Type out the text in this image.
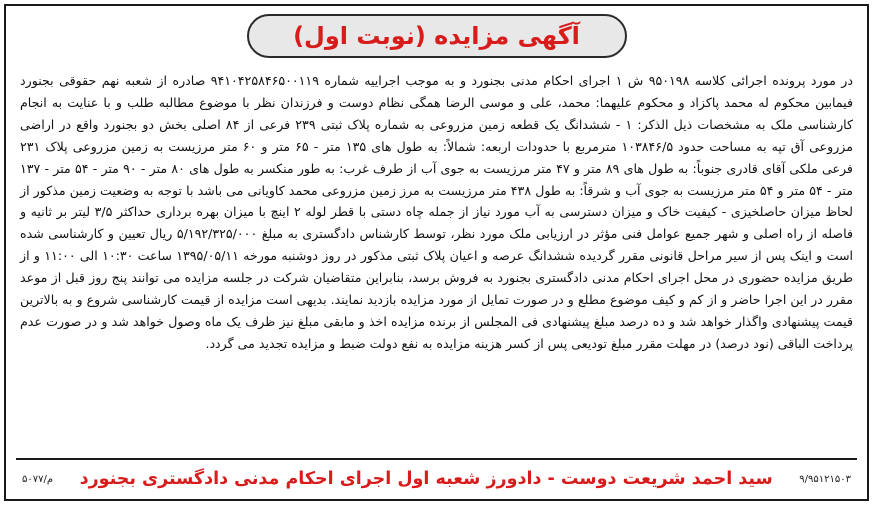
آگهی مزایده (نوبت اول)
در مورد پرونده اجرائی کلاسه ۹۵۰۱۹۸ ش ۱ اجرای احکام مدنی بجنورد و به موجب اجراییه شماره ۹۴۱۰۴۲۵۸۴۶۵۰۰۱۱۹ صادره از شعبه نهم حقوقی بجنورد فیمابین محکوم له محمد پاکزاد و محکوم علیهما: محمد، علی و موسی الرضا همگی نظام دوست و فرزندان نظر با موضوع مطالبه طلب و با عنایت به انجام کارشناسی ملک به مشخصات ذیل الذکر: ۱ - ششدانگ یک قطعه زمین مزروعی به شماره پلاک ثبتی ۲۳۹ فرعی از ۸۴ اصلی بخش دو بجنورد واقع در اراضی مزروعی آق تپه به مساحت حدود ۱۰۳۸۴۶/۵ مترمربع با حدودات اربعه: شمالاً: به طول های ۱۳۵ متر - ۶۵ متر و ۶۰ متر مرزیست به زمین مزروعی پلاک ۲۳۱ فرعی ملکی آقای قادری جنوباً: به طول های ۸۹ متر و ۴۷ متر مرزیست به جوی آب از طرف غرب: به طور منکسر به طول های ۸۰ متر - ۹۰ متر - ۵۴ متر - ۱۳۷ متر - ۵۴ متر و ۵۴ متر مرزیست به جوی آب و شرقاً: به طول ۴۳۸ متر مرزیست به مرز زمین مزروعی محمد کاویانی می باشد با توجه به وضعیت زمین مذکور از لحاظ میزان حاصلخیزی - کیفیت خاک و میزان دسترسی به آب مورد نیاز از جمله چاه دستی با قطر لوله ۲ اینچ با میزان بهره برداری حداکثر ۳/۵ لیتر بر ثانیه و فاصله از راه اصلی و شهر جمیع عوامل فنی مؤثر در ارزیابی ملک مورد نظر، توسط کارشناس دادگستری به مبلغ ۵/۱۹۲/۳۲۵/۰۰۰ ریال تعیین و کارشناسی شده است و اینک پس از سیر مراحل قانونی مقرر گردیده ششدانگ عرصه و اعیان پلاک ثبتی مذکور در روز دوشنبه مورخه ۱۳۹۵/۰۵/۱۱ ساعت ۱۰:۳۰ الی ۱۱:۰۰ و از طریق مزایده حضوری در محل اجرای احکام مدنی دادگستری بجنورد به فروش برسد، بنابراین متقاضیان شرکت در جلسه مزایده می توانند پنج روز قبل از موعد مقرر در این اجرا حاضر و از کم و کیف موضوع مطلع و در صورت تمایل از مورد مزایده بازدید نمایند. بدیهی است مزایده از قیمت کارشناسی شروع و به بالاترین قیمت پیشنهادی واگذار خواهد شد و ده درصد مبلغ پیشنهادی فی المجلس از برنده مزایده اخذ و مابقی مبلغ نیز ظرف یک ماه وصول خواهد شد و در صورت عدم پرداخت الباقی (نود درصد) در مهلت مقرر مبلغ تودیعی پس از کسر هزینه مزایده به نفع دولت ضبط و مزایده تجدید می گردد.
۹/۹۵۱۲۱۵۰۳
سید احمد شریعت دوست - دادورز شعبه اول اجرای احکام مدنی دادگستری بجنورد
م/۵۰۷۷
